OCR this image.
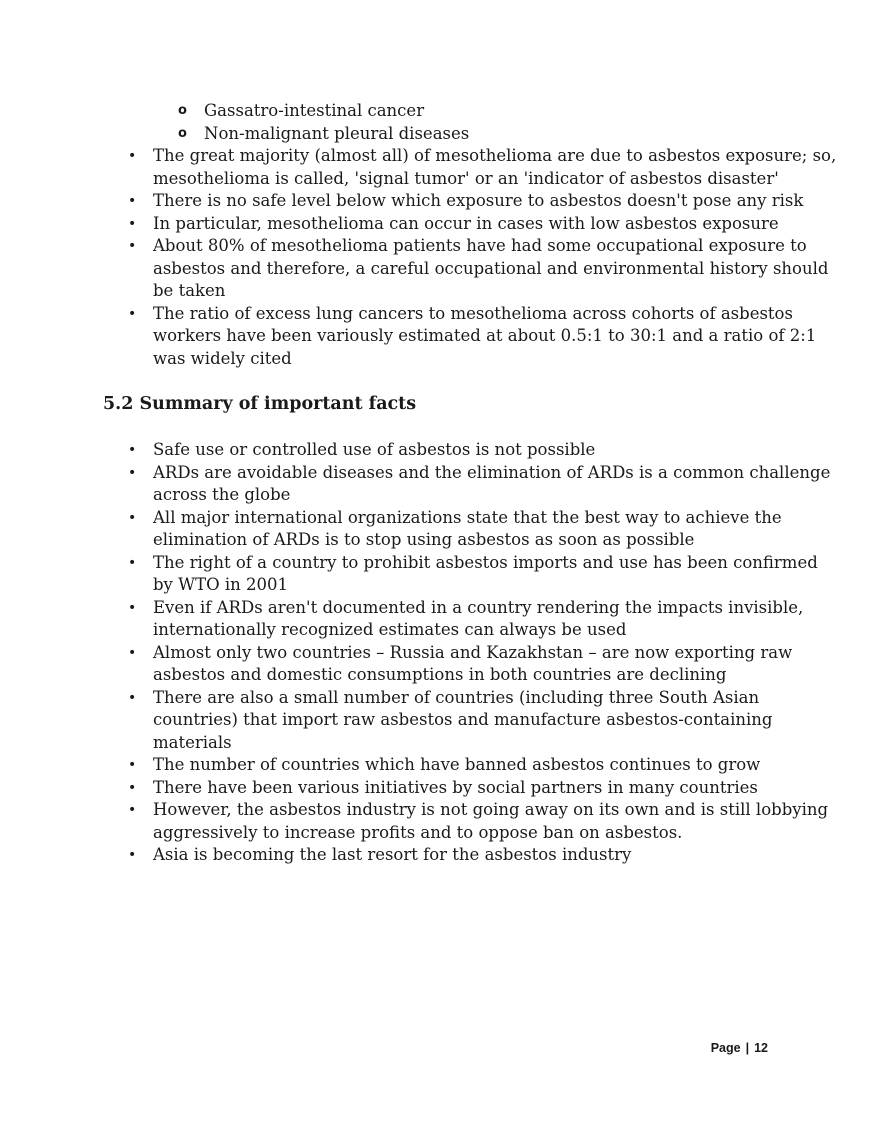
o Gassatro-intestinal cancer
o Non-malignant pleural diseases
• The great majority (almost all) of mesothelioma are due to asbestos exposure; so,
mesothelioma is called, 'signal tumor' or an 'indicator of asbestos disaster'
• There is no safe level below which exposure to asbestos doesn't pose any risk
• In particular, mesothelioma can occur in cases with low asbestos exposure
• About 80% of mesothelioma patients have had some occupational exposure to
asbestos and therefore, a careful occupational and environmental history should
be taken
• The ratio of excess lung cancers to mesothelioma across cohorts of asbestos
workers have been variously estimated at about 0.5:1 to 30:1 and a ratio of 2:1
was widely cited
5.2 Summary of important facts
• Safe use or controlled use of asbestos is not possible
• ARDs are avoidable diseases and the elimination of ARDs is a common challenge
across the globe
• All major international organizations state that the best way to achieve the
elimination of ARDs is to stop using asbestos as soon as possible
• The right of a country to prohibit asbestos imports and use has been confirmed
by WTO in 2001
• Even if ARDs aren't documented in a country rendering the impacts invisible,
internationally recognized estimates can always be used
• Almost only two countries – Russia and Kazakhstan – are now exporting raw
asbestos and domestic consumptions in both countries are declining
• There are also a small number of countries (including three South Asian
countries) that import raw asbestos and manufacture asbestos-containing
materials
• The number of countries which have banned asbestos continues to grow
• There have been various initiatives by social partners in many countries
• However, the asbestos industry is not going away on its own and is still lobbying
aggressively to increase profits and to oppose ban on asbestos.
• Asia is becoming the last resort for the asbestos industry
Page | 12
